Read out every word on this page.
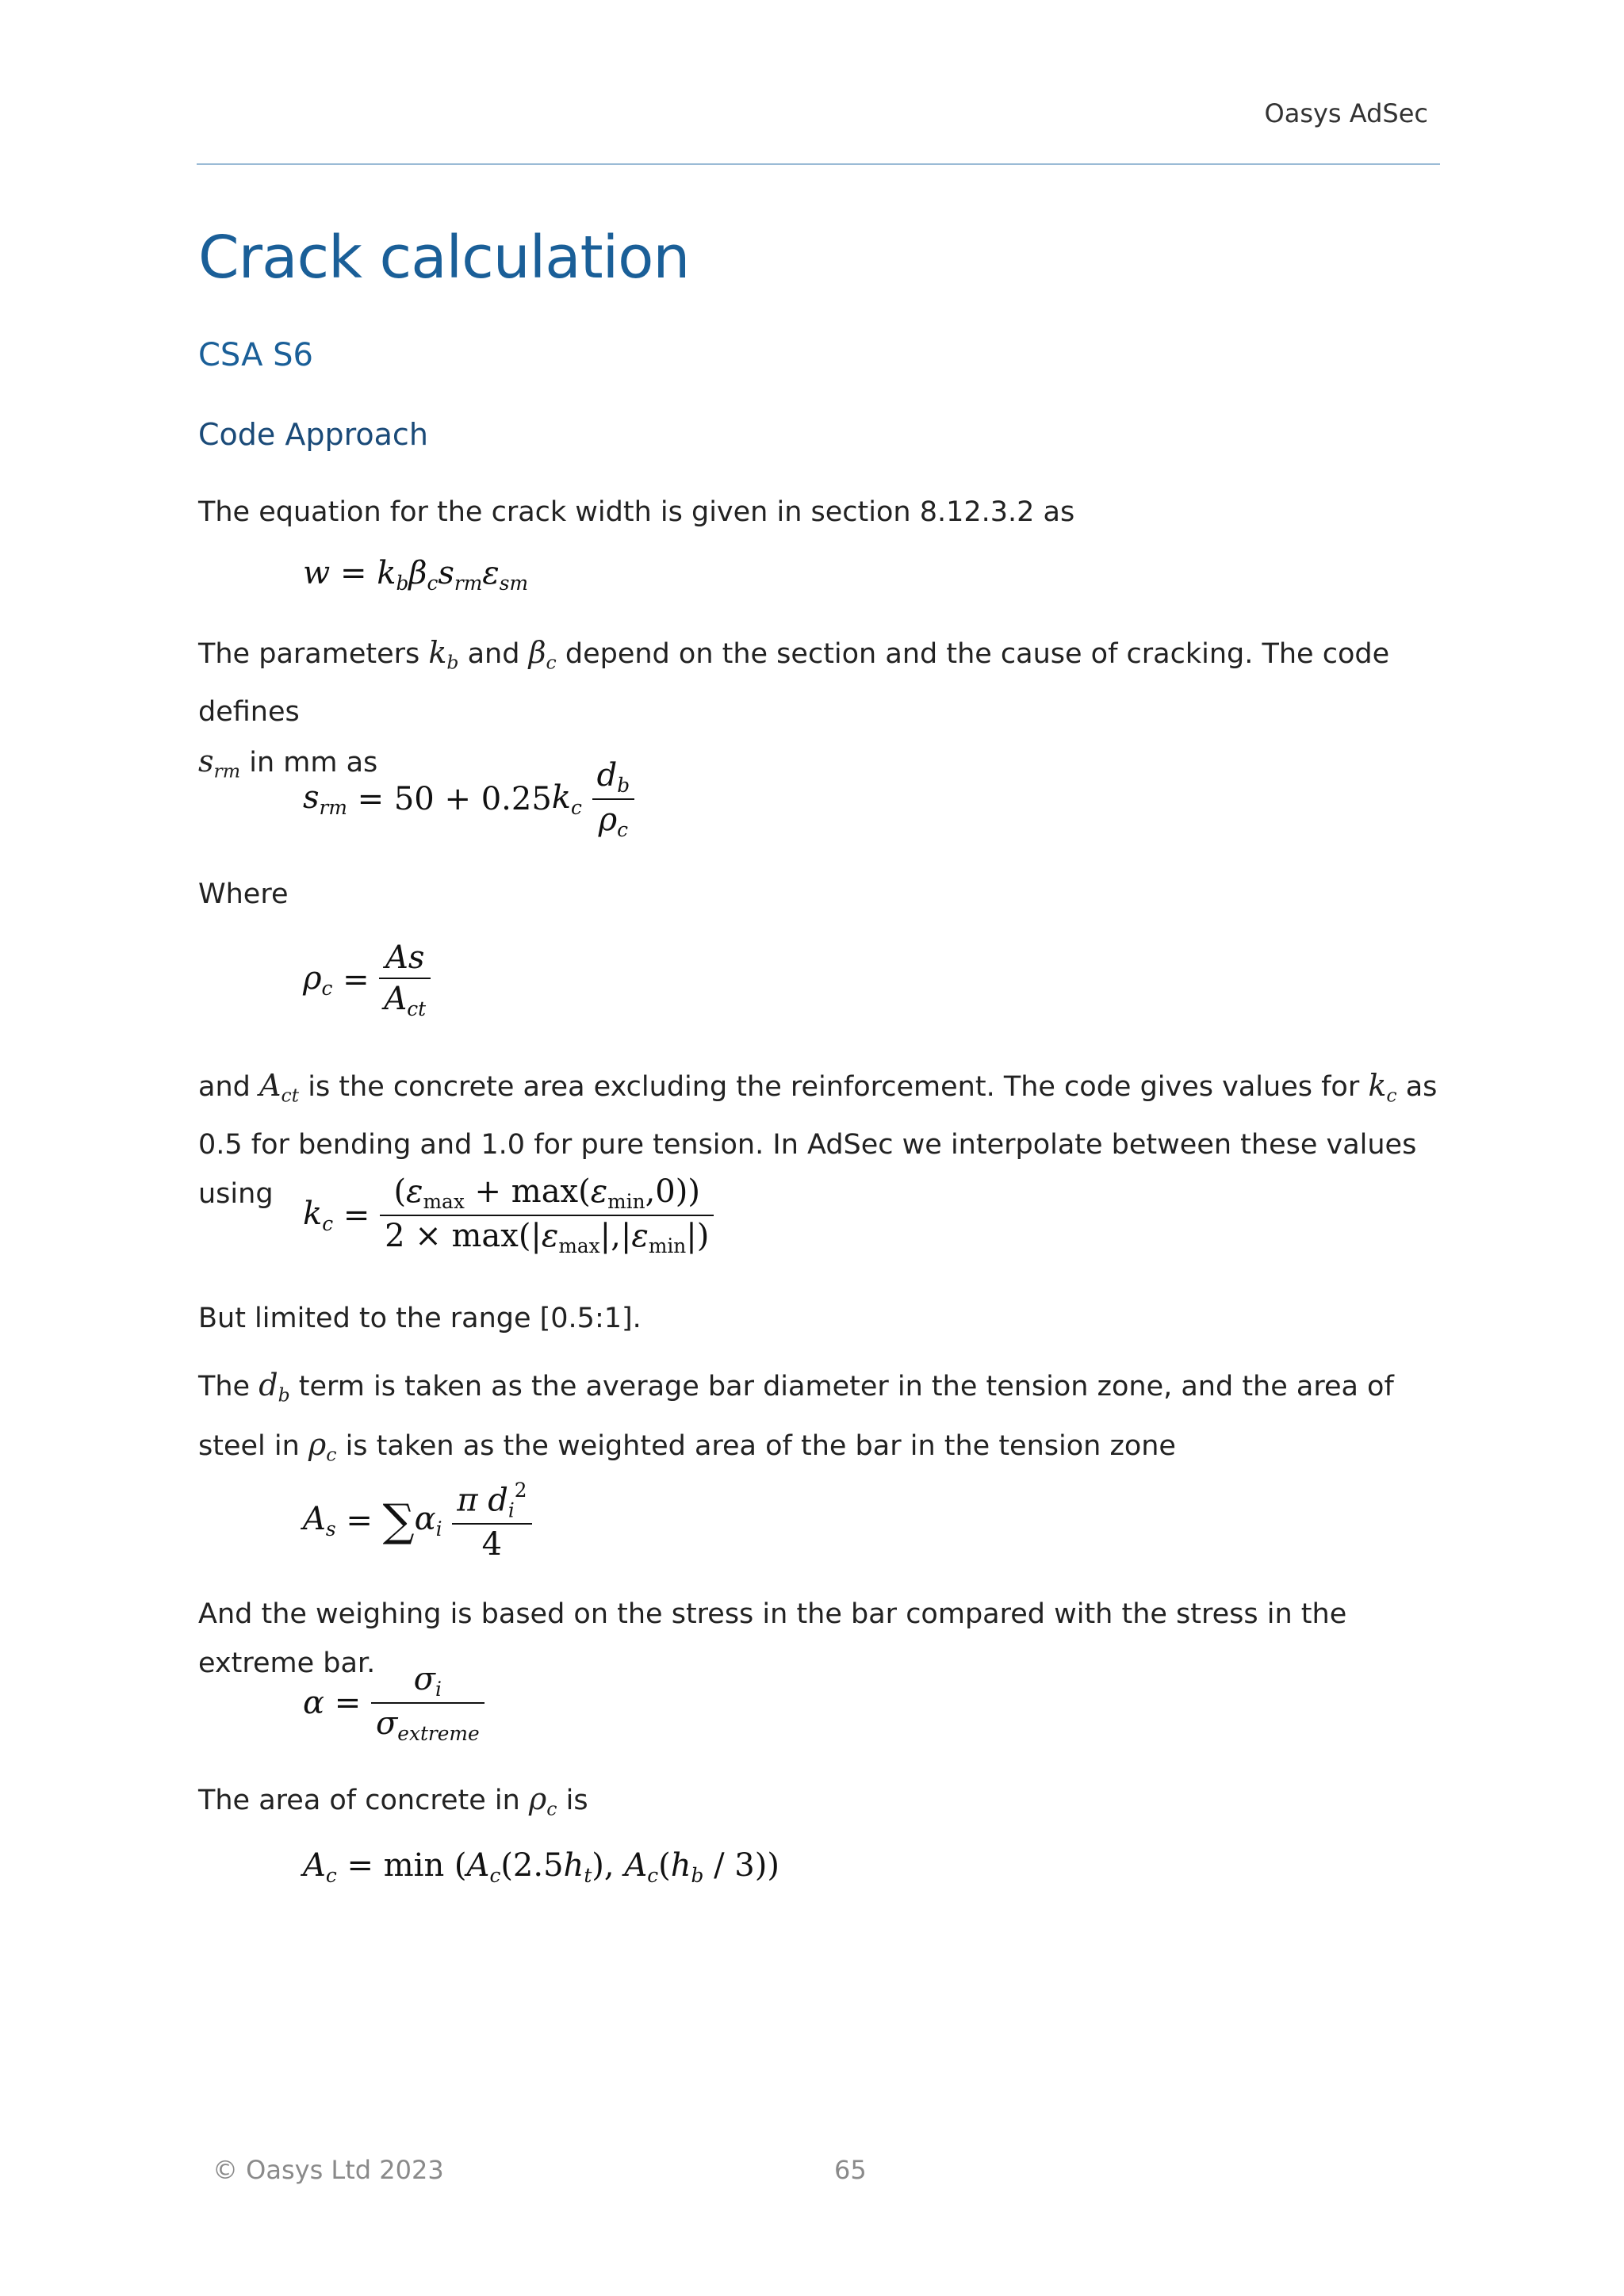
Oasys AdSec
Crack calculation
CSA S6
Code Approach
The equation for the crack width is given in section 8.12.3.2 as
$w = k_b\beta_cs_{rm}\varepsilon_{sm}$
The parameters $k_b$ and $\beta_c$ depend on the section and the cause of cracking. The code defines
$s_{rm}$ in mm as
$s_{rm} = 50 + 0.25$ $k_c$
$\frac{d_b}{\rho_c}$
Where
$\rho_c = \frac{As}{A_{ct}}$
and $A_{ct}$ is the concrete area excluding the reinforcement. The code gives values for $k_c$ as 0.5 for bending and 1.0 for pure tension. In AdSec we interpolate between these values using
$k_c = \frac{(\varepsilon_{max} + \max(\varepsilon_{min},0))}{2 \times \max(|\varepsilon_{max}|,|\varepsilon_{min}|)}$
But limited to the range [0.5:1].
The $d_b$ term is taken as the average bar diameter in the tension zone, and the area of steel in $\rho_c$ is taken as the weighted area of the bar in the tension zone
$A_s$ = ∑ $\alpha_i$
$\frac{\pi d_i^2}{4}$
And the weighing is based on the stress in the bar compared with the stress in the extreme bar.
$\alpha = \frac{\sigma_i}{\sigma_{extreme}}$
The area of concrete in $\rho_c$ is
$A_c = \min (A_c(2.5h_t)$, $A_c(h_b / 3)$)
© Oasys Ltd 2023	65
